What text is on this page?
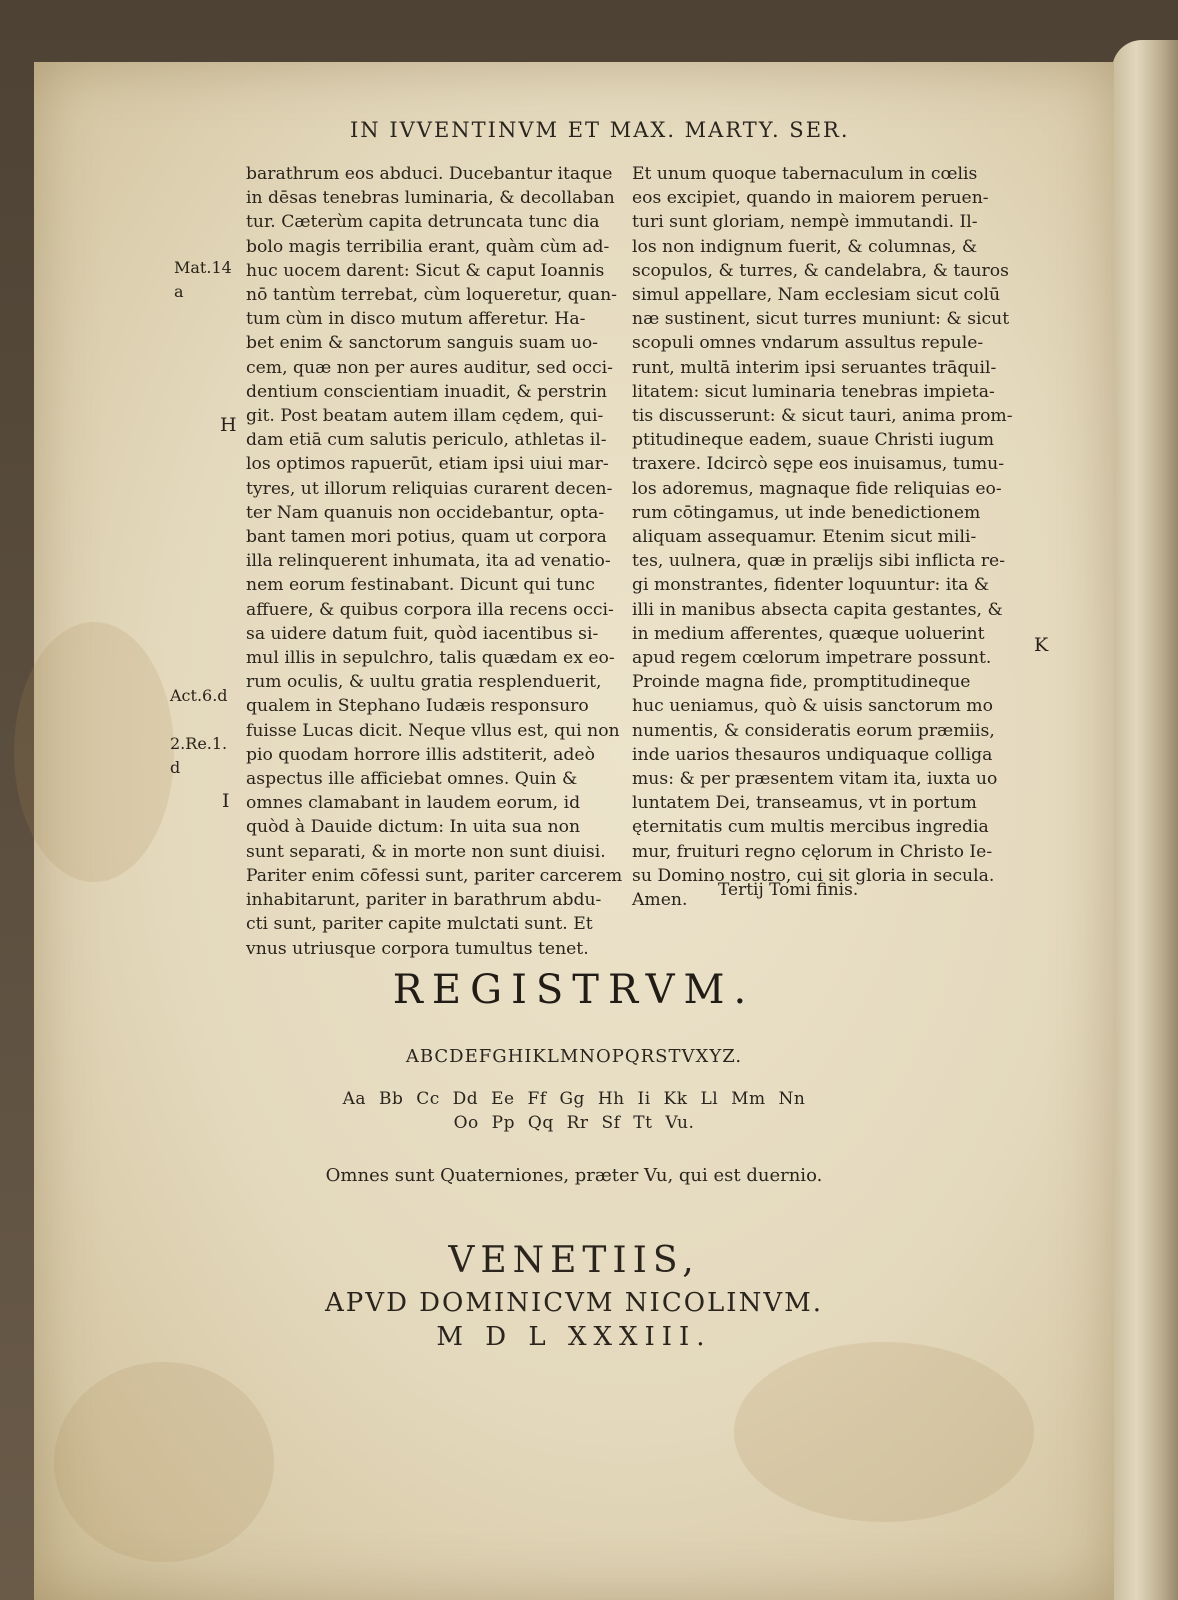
IN IVVENTINVM ET MAX. MARTY. SER.
barathrum eos abduci. Ducebantur itaque
in dēsas tenebras luminaria, & decollaban
tur. Cæterùm capita detruncata tunc dia
bolo magis terribilia erant, quàm cùm ad-
huc uocem darent: Sicut & caput Ioannis
nō tantùm terrebat, cùm loqueretur, quan-
tum cùm in disco mutum afferetur. Ha-
bet enim & sanctorum sanguis suam uo-
cem, quæ non per aures auditur, sed occi-
dentium conscientiam inuadit, & perstrin
git. Post beatam autem illam cędem, qui-
dam etiā cum salutis periculo, athletas il-
los optimos rapuerūt, etiam ipsi uiui mar-
tyres, ut illorum reliquias curarent decen-
ter Nam quanuis non occidebantur, opta-
bant tamen mori potius, quam ut corpora
illa relinquerent inhumata, ita ad venatio-
nem eorum festinabant. Dicunt qui tunc
affuere, & quibus corpora illa recens occi-
sa uidere datum fuit, quòd iacentibus si-
mul illis in sepulchro, talis quædam ex eo-
rum oculis, & uultu gratia resplenduerit,
qualem in Stephano Iudæis responsuro
fuisse Lucas dicit. Neque vllus est, qui non
pio quodam horrore illis adstiterit, adeò
aspectus ille afficiebat omnes. Quin &
omnes clamabant in laudem eorum, id
quòd à Dauide dictum: In uita sua non
sunt separati, & in morte non sunt diuisi.
Pariter enim cōfessi sunt, pariter carcerem
inhabitarunt, pariter in barathrum abdu-
cti sunt, pariter capite mulctati sunt. Et
vnus utriusque corpora tumultus tenet.
Et unum quoque tabernaculum in cœlis
eos excipiet, quando in maiorem peruen-
turi sunt gloriam, nempè immutandi. Il-
los non indignum fuerit, & columnas, &
scopulos, & turres, & candelabra, & tauros
simul appellare, Nam ecclesiam sicut colū
næ sustinent, sicut turres muniunt: & sicut
scopuli omnes vndarum assultus repule-
runt, multā interim ipsi seruantes trāquil-
litatem: sicut luminaria tenebras impieta-
tis discusserunt: & sicut tauri, anima prom-
ptitudineque eadem, suaue Christi iugum
traxere. Idcircò sępe eos inuisamus, tumu-
los adoremus, magnaque fide reliquias eo-
rum cōtingamus, ut inde benedictionem
aliquam assequamur. Etenim sicut mili-
tes, uulnera, quæ in prælijs sibi inflicta re-
gi monstrantes, fidenter loquuntur: ita &
illi in manibus absecta capita gestantes, &
in medium afferentes, quæque uoluerint
apud regem cœlorum impetrare possunt.
Proinde magna fide, promptitudineque
huc ueniamus, quò & uisis sanctorum mo
numentis, & consideratis eorum præmiis,
inde uarios thesauros undiquaque colliga
mus: & per præsentem vitam ita, iuxta uo
luntatem Dei, transeamus, vt in portum
ęternitatis cum multis mercibus ingredia
mur, fruituri regno cęlorum in Christo Ie-
su Domino nostro, cui sit gloria in secula.
Amen.
Mat.14
a
H
Act.6.d
2.Re.1.
d
I
K
Tertij Tomi finis.
REGISTRVM.
ABCDEFGHIKLMNOPQRSTVXYZ.
Aa Bb Cc Dd Ee Ff Gg Hh Ii Kk Ll Mm Nn
Oo Pp Qq Rr Sf Tt Vu.
Omnes sunt Quaterniones, præter Vu, qui est duernio.
VENETIIS,
APVD DOMINICVM NICOLINVM.
M D L XXXIII.
